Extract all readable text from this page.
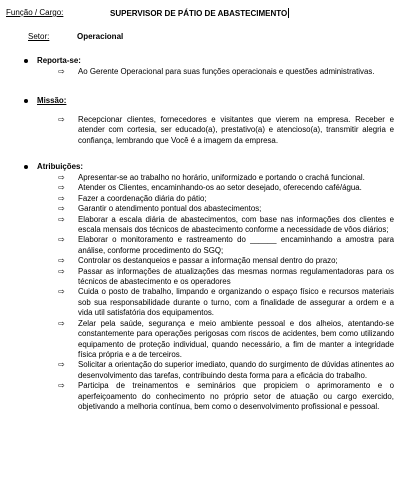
Função / Cargo:	SUPERVISOR DE PÁTIO DE ABASTECIMENTO
Setor:	Operacional
Reporta-se:
⇨ Ao Gerente Operacional para suas funções operacionais e questões administrativas.
Missão:
⇨ Recepcionar clientes, fornecedores e visitantes que vierem na empresa. Receber e atender com cortesia, ser educado(a), prestativo(a) e atencioso(a), transmitir alegria e confiança, lembrando que Você é a imagem da empresa.
Atribuições:
⇨ Apresentar-se ao trabalho no horário, uniformizado e portando o crachá funcional.
⇨ Atender os Clientes, encaminhando-os ao setor desejado, oferecendo café/água.
⇨ Fazer a coordenação diária do pátio;
⇨ Garantir o atendimento pontual dos abastecimentos;
⇨ Elaborar a escala diária de abastecimentos, com base nas informações dos clientes e escala mensais dos técnicos de abastecimento conforme a necessidade de vôos diários;
⇨ Elaborar o monitoramento e rastreamento do ______ encaminhando a amostra para análise, conforme procedimento do SGQ;
⇨ Controlar os destanqueios e passar a informação mensal dentro do prazo;
⇨ Passar as informações de atualizações das mesmas normas regulamentadoras para os técnicos de abastecimento e os operadores
⇨ Cuida o posto de trabalho, limpando e organizando o espaço físico e recursos materiais sob sua responsabilidade durante o turno, com a finalidade de assegurar a ordem e a vida util satisfatória dos equipamentos.
⇨ Zelar pela saúde, segurança e meio ambiente pessoal e dos alheios, atentando-se constantemente para operações perigosas com riscos de acidentes, bem como utilizando equipamento de proteção individual, quando necessário, a fim de manter a integridade física própria e a de terceiros.
⇨ Solicitar a orientação do superior imediato, quando do surgimento de dúvidas atinentes ao desenvolvimento das tarefas, contribuindo desta forma para a eficácia do trabalho.
⇨ Participa de treinamentos e seminários que propiciem o aprimoramento e o aperfeiçoamento do conhecimento no próprio setor de atuação ou cargo exercido, objetivando a melhoria contínua, bem como o desenvolvimento profissional e pessoal.
